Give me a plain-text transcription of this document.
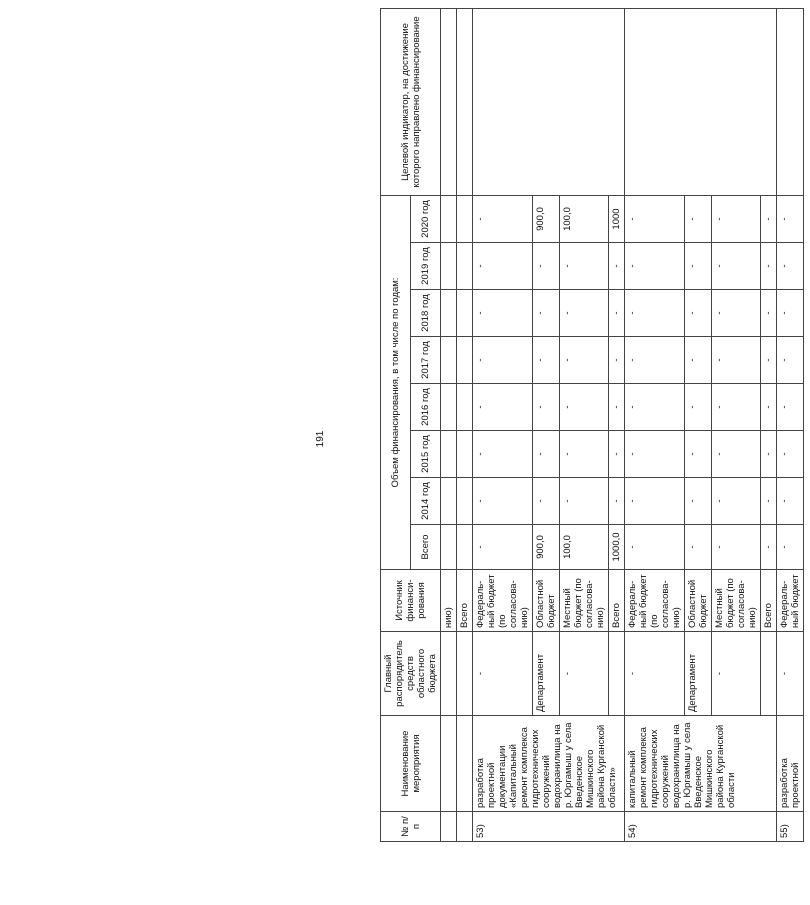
191
№ п/п	Наименование мероприятия	Главный распорядитель средств областного бюджета	Источник финанси-рования	Объем финансирования, в том числе по годам:								Целевой индикатор, на достижение которого направлено финансирование
				Всего	2014 год	2015 год	2016 год	2017 год	2018 год	2019 год	2020 год	
			нию)									
			Всего									
53)	разработка проектной документации «Капитальный ремонт комплекса гидротехнических сооружений водохранилища на р. Юргамыш у села Введенское Мишкинского района Курганской области»	-	Федераль-ный бюджет (по согласова-нию)	-	-	-	-	-	-	-	-	
		Департамент	Областной бюджет	900,0	-	-	-	-	-	-	900,0	
		-	Местный бюджет (по согласова-нию)	100,0	-	-	-	-	-	-	100,0	
			Всего	1000,0	-	-	-	-	-	-	1000	
54)	капитальный ремонт комплекса гидротехнических сооружений водохранилища на р. Юргамыш у села Введенское Мишкинского района Курганской области	-	Федераль-ный бюджет (по согласова-нию)	-	-	-	-	-	-	-	-	
		Департамент	Областной бюджет	-	-	-	-	-	-	-	-	
		-	Местный бюджет (по согласова-нию)	-	-	-	-	-	-	-	-	
			Всего	-	-	-	-	-	-	-	-	
55)	разработка проектной	-	Федераль-ный бюджет	-	-	-	-	-	-	-	-	
